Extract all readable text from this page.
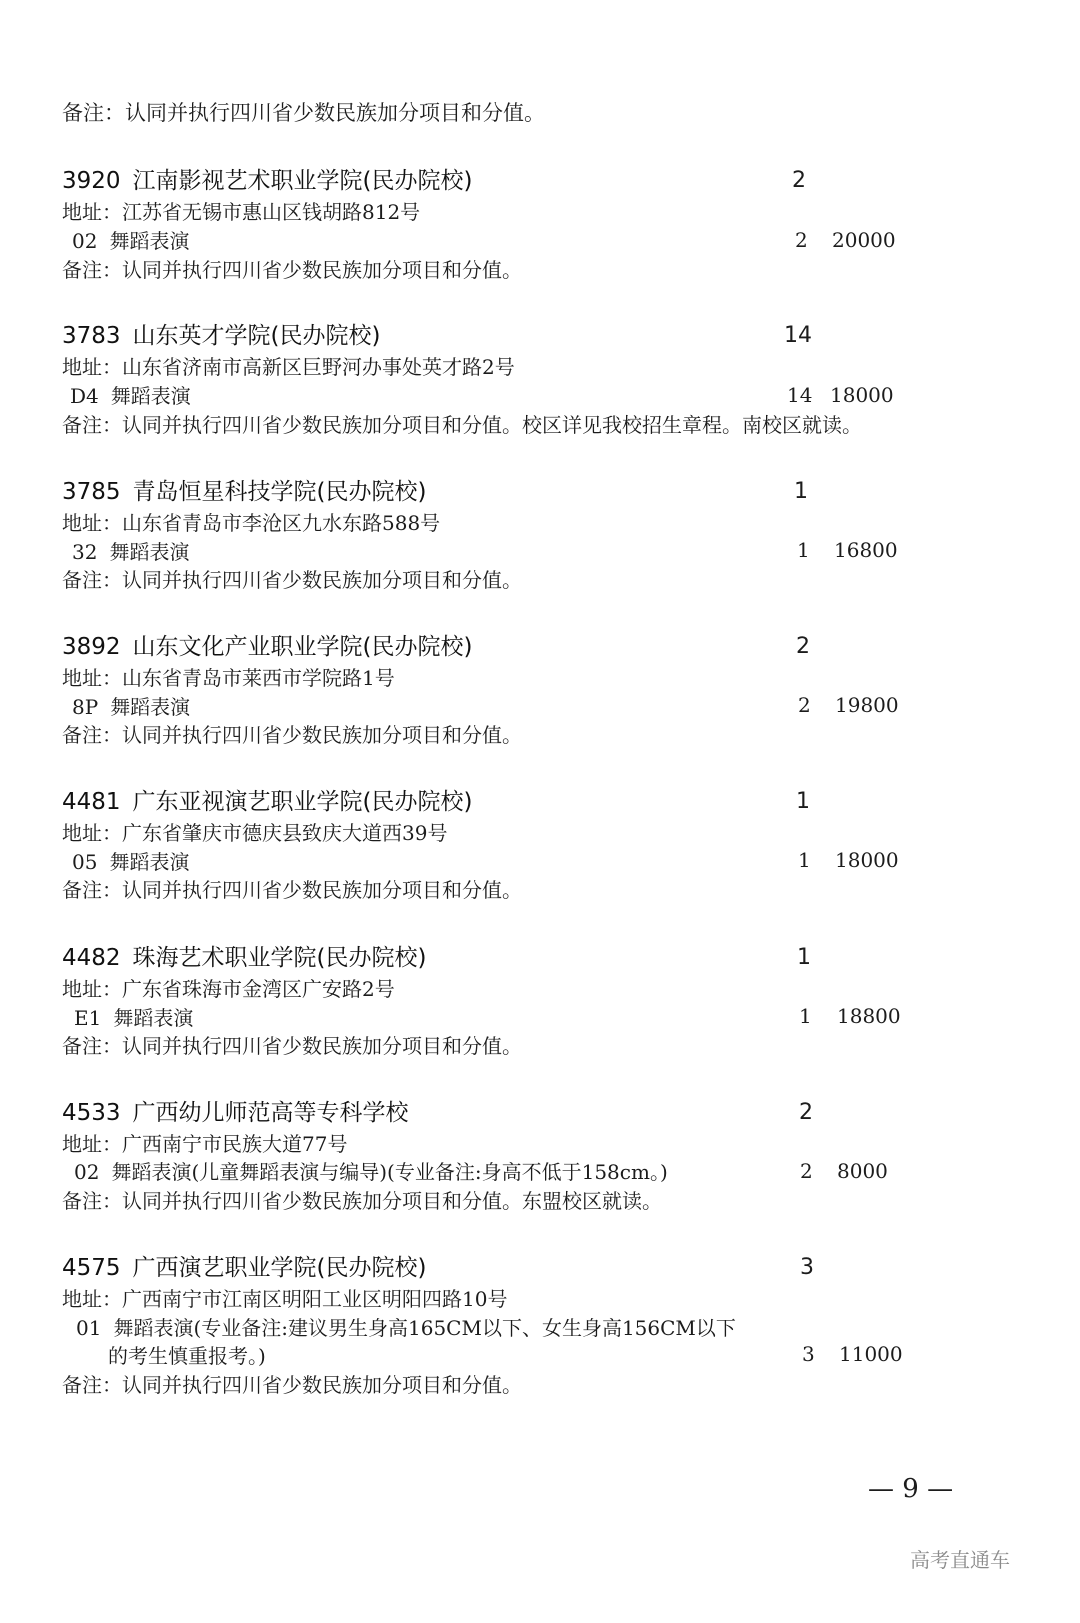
备注：认同并执行四川省少数民族加分项目和分值。
3920 江南影视艺术职业学院(民办院校)	2
地址：江苏省无锡市惠山区钱胡路812号
02 舞蹈表演	2 20000
备注：认同并执行四川省少数民族加分项目和分值。
3783 山东英才学院(民办院校)	14
地址：山东省济南市高新区巨野河办事处英才路2号
D4 舞蹈表演	14 18000
备注：认同并执行四川省少数民族加分项目和分值。校区详见我校招生章程。南校区就读。
3785 青岛恒星科技学院(民办院校)	1
地址：山东省青岛市李沧区九水东路588号
32 舞蹈表演	1 16800
备注：认同并执行四川省少数民族加分项目和分值。
3892 山东文化产业职业学院(民办院校)	2
地址：山东省青岛市莱西市学院路1号
8P 舞蹈表演	2 19800
备注：认同并执行四川省少数民族加分项目和分值。
4481 广东亚视演艺职业学院(民办院校)	1
地址：广东省肇庆市德庆县致庆大道西39号
05 舞蹈表演	1 18000
备注：认同并执行四川省少数民族加分项目和分值。
4482 珠海艺术职业学院(民办院校)	1
地址：广东省珠海市金湾区广安路2号
E1 舞蹈表演	1 18800
备注：认同并执行四川省少数民族加分项目和分值。
4533 广西幼儿师范高等专科学校	2
地址：广西南宁市民族大道77号
02 舞蹈表演(儿童舞蹈表演与编导)(专业备注:身高不低于158cm。)	2 8000
备注：认同并执行四川省少数民族加分项目和分值。东盟校区就读。
4575 广西演艺职业学院(民办院校)	3
地址：广西南宁市江南区明阳工业区明阳四路10号
01 舞蹈表演(专业备注:建议男生身高165CM以下、女生身高156CM以下
的考生慎重报考。)	3 11000
备注：认同并执行四川省少数民族加分项目和分值。
— 9 —
高考直通车
